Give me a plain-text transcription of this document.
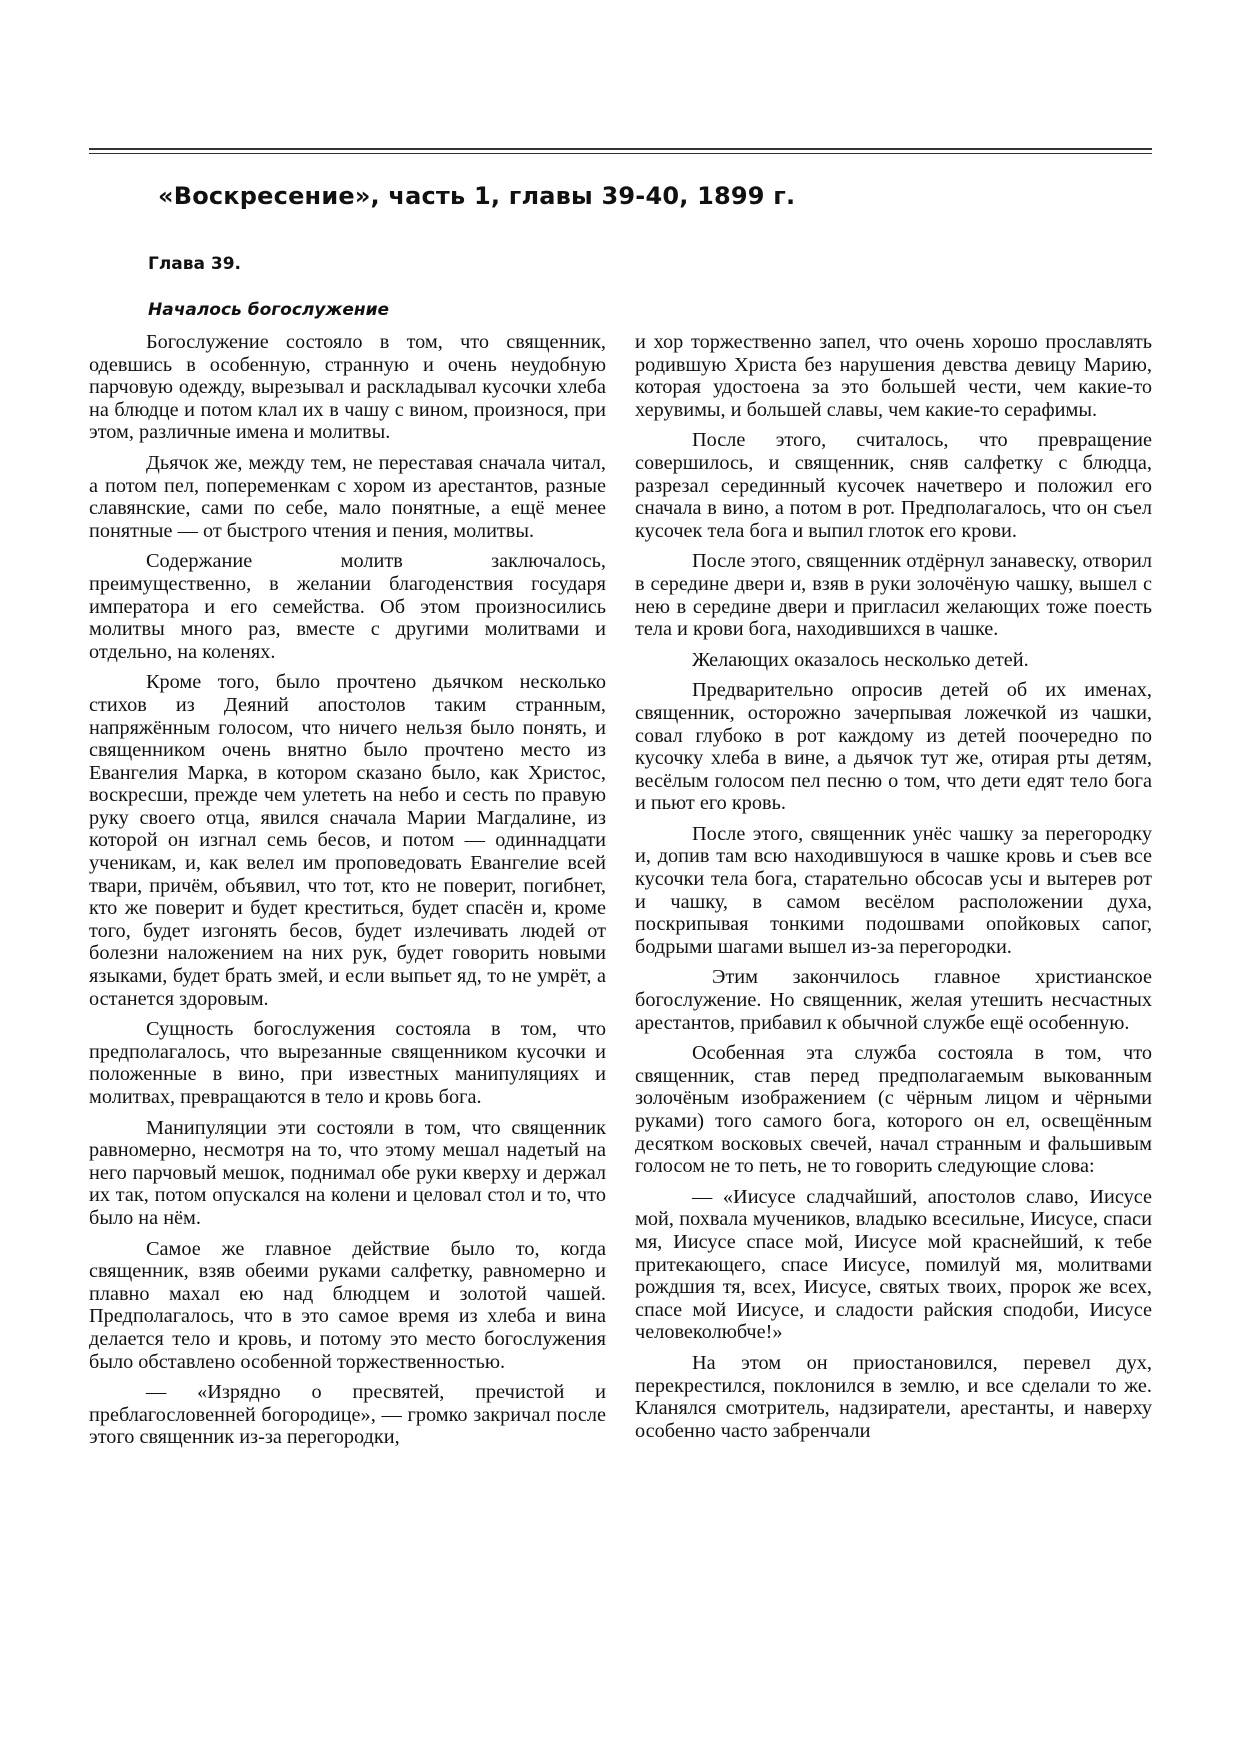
«Воскресение», часть 1, главы 39-40, 1899 г.
Глава 39.
Началось богослужение

Богослужение состояло в том, что священник, одевшись в особенную, странную и очень неудобную парчовую одежду, вырезывал и раскладывал кусочки хлеба на блюдце и потом клал их в чашу с вином, произнося, при этом, различные имена и молитвы.

Дьячок же, между тем, не переставая сначала читал, а потом пел, попеременкам с хором из арестантов, разные славянские, сами по себе, мало понятные, а ещё менее понятные — от быстрого чтения и пения, молитвы.

Содержание молитв заключалось, преимущественно, в желании благоденствия государя императора и его семейства. Об этом произносились молитвы много раз, вместе с другими молитвами и отдельно, на коленях.

Кроме того, было прочтено дьячком несколько стихов из Деяний апостолов таким странным, напряжённым голосом, что ничего нельзя было понять, и священником очень внятно было прочтено место из Евангелия Марка, в котором сказано было, как Христос, воскресши, прежде чем улететь на небо и сесть по правую руку своего отца, явился сначала Марии Магдалине, из которой он изгнал семь бесов, и потом — одиннадцати ученикам, и, как велел им проповедовать Евангелие всей твари, причём, объявил, что тот, кто не поверит, погибнет, кто же поверит и будет креститься, будет спасён и, кроме того, будет изгонять бесов, будет излечивать людей от болезни наложением на них рук, будет говорить новыми языками, будет брать змей, и если выпьет яд, то не умрёт, а останется здоровым.

Сущность богослужения состояла в том, что предполагалось, что вырезанные священником кусочки и положенные в вино, при известных манипуляциях и молитвах, превращаются в тело и кровь бога.

Манипуляции эти состояли в том, что священник равномерно, несмотря на то, что этому мешал надетый на него парчовый мешок, поднимал обе руки кверху и держал их так, потом опускался на колени и целовал стол и то, что было на нём.

Самое же главное действие было то, когда священник, взяв обеими руками салфетку, равномерно и плавно махал ею над блюдцем и золотой чашей. Предполагалось, что в это самое время из хлеба и вина делается тело и кровь, и потому это место богослужения было обставлено особенной торжественностью.

— «Изрядно о пресвятей, пречистой и преблагословенней богородице», — громко закричал после этого священник из-за перегородки,

и хор торжественно запел, что очень хорошо прославлять родившую Христа без нарушения девства девицу Марию, которая удостоена за это большей чести, чем какие-то херувимы, и большей славы, чем какие-то серафимы.

После этого, считалось, что превращение совершилось, и священник, сняв салфетку с блюдца, разрезал серединный кусочек начетверо и положил его сначала в вино, а потом в рот. Предполагалось, что он съел кусочек тела бога и выпил глоток его крови.

После этого, священник отдёрнул занавеску, отворил в середине двери и, взяв в руки золочёную чашку, вышел с нею в середине двери и пригласил желающих тоже поесть тела и крови бога, находившихся в чашке.

Желающих оказалось несколько детей.

Предварительно опросив детей об их именах, священник, осторожно зачерпывая ложечкой из чашки, совал глубоко в рот каждому из детей поочередно по кусочку хлеба в вине, а дьячок тут же, отирая рты детям, весёлым голосом пел песню о том, что дети едят тело бога и пьют его кровь.

После этого, священник унёс чашку за перегородку и, допив там всю находившуюся в чашке кровь и съев все кусочки тела бога, старательно обсосав усы и вытерев рот и чашку, в самом весёлом расположении духа, поскрипывая тонкими подошвами опойковых сапог, бодрыми шагами вышел из-за перегородки.

Этим закончилось главное христианское богослужение. Но священник, желая утешить несчастных арестантов, прибавил к обычной службе ещё особенную.

Особенная эта служба состояла в том, что священник, став перед предполагаемым выкованным золочёным изображением (с чёрным лицом и чёрными руками) того самого бога, которого он ел, освещённым десятком восковых свечей, начал странным и фальшивым голосом не то петь, не то говорить следующие слова:

— «Иисусе сладчайший, апостолов славо, Иисусе мой, похвала мучеников, владыко всесильне, Иисусе, спаси мя, Иисусе спасе мой, Иисусе мой краснейший, к тебе притекающего, спасе Иисусе, помилуй мя, молитвами рождшия тя, всех, Иисусе, святых твоих, пророк же всех, спасе мой Иисусе, и сладости райския сподоби, Иисусе человеколюбче!»

На этом он приостановился, перевел дух, перекрестился, поклонился в землю, и все сделали то же. Кланялся смотритель, надзиратели, арестанты, и наверху особенно часто забренчали
